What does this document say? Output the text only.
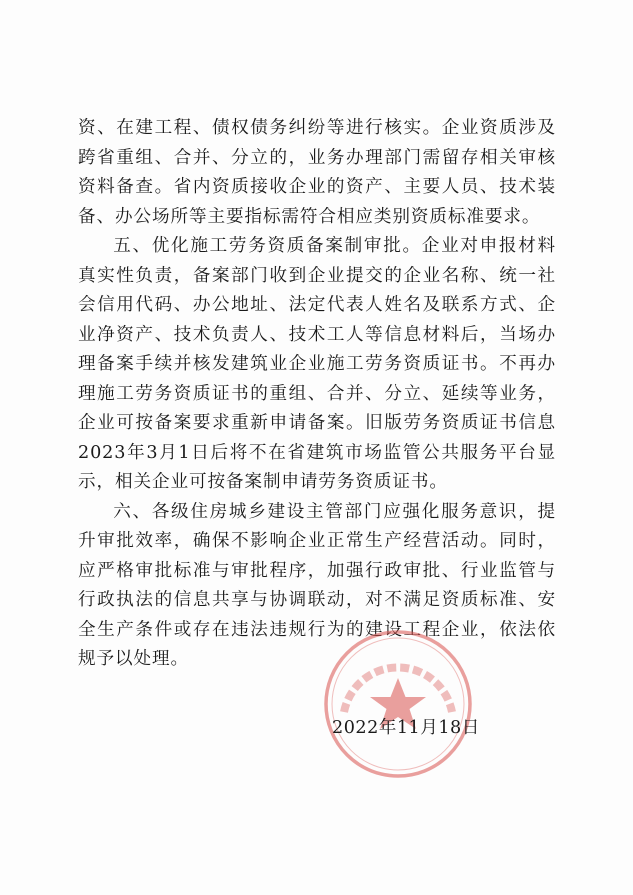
资、在建工程、债权债务纠纷等进行核实。企业资质涉及跨省重组、合并、分立的，业务办理部门需留存相关审核资料备查。省内资质接收企业的资产、主要人员、技术装备、办公场所等主要指标需符合相应类别资质标准要求。

五、优化施工劳务资质备案制审批。企业对申报材料真实性负责，备案部门收到企业提交的企业名称、统一社会信用代码、办公地址、法定代表人姓名及联系方式、企业净资产、技术负责人、技术工人等信息材料后，当场办理备案手续并核发建筑业企业施工劳务资质证书。不再办理施工劳务资质证书的重组、合并、分立、延续等业务，企业可按备案要求重新申请备案。旧版劳务资质证书信息2023年3月1日后将不在省建筑市场监管公共服务平台显示，相关企业可按备案制申请劳务资质证书。

六、各级住房城乡建设主管部门应强化服务意识，提升审批效率，确保不影响企业正常生产经营活动。同时，应严格审批标准与审批程序，加强行政审批、行业监管与行政执法的信息共享与协调联动，对不满足资质标准、安全生产条件或存在违法违规行为的建设工程企业，依法依规予以处理。

2022年11月18日
